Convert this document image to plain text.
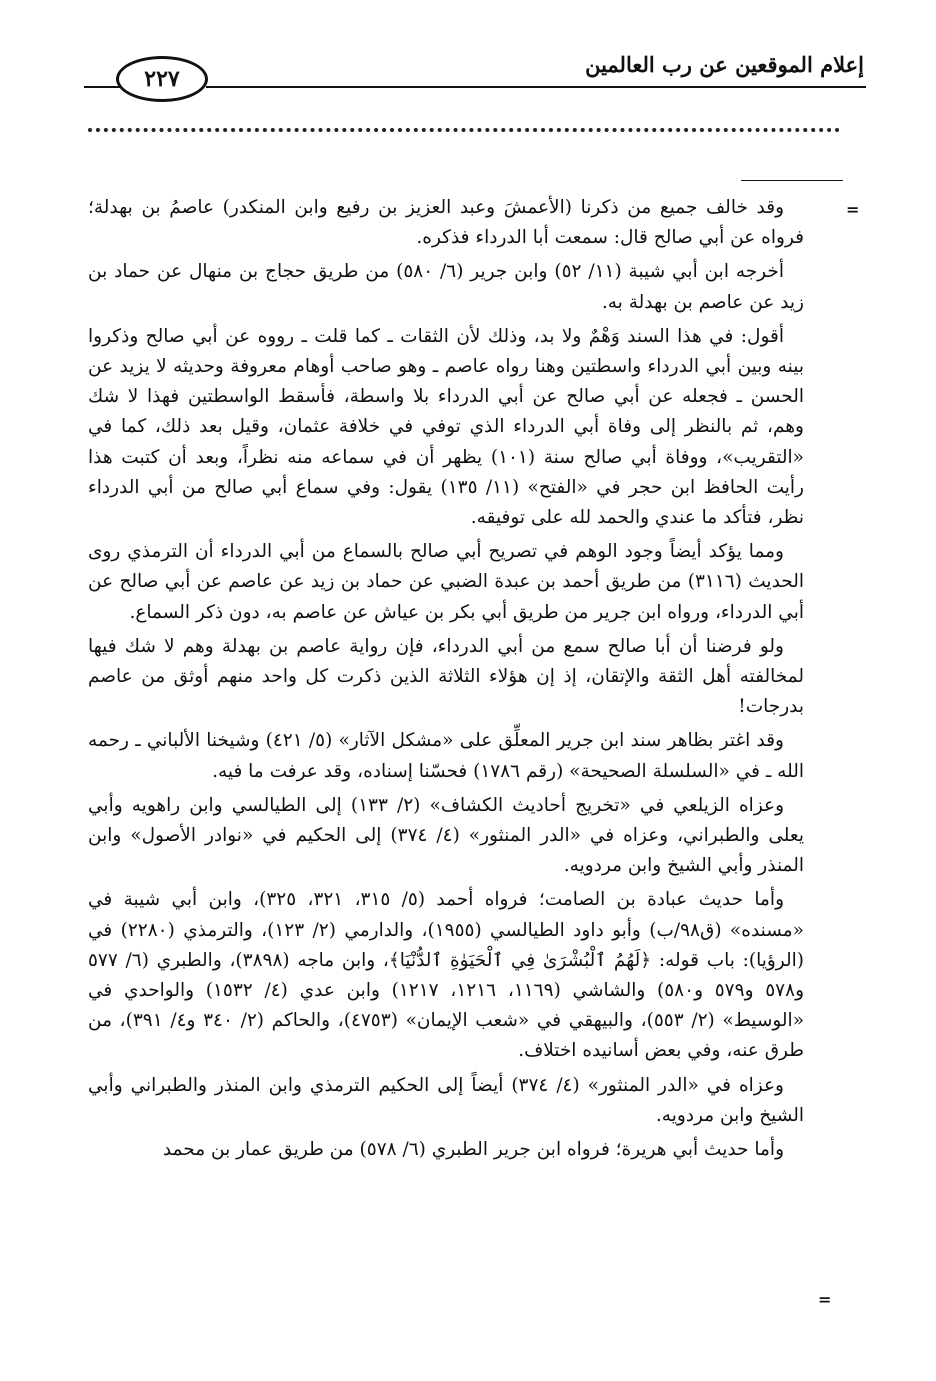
إعلام الموقعين عن رب العالمين
٢٢٧
=
=

وقد خالف جميع من ذكرنا (الأعمشَ وعبد العزيز بن رفيع وابن المنكدر) عاصمُ بن بهدلة؛ فرواه عن أبي صالح قال: سمعت أبا الدرداء فذكره.

أخرجه ابن أبي شيبة (١١/ ٥٢) وابن جرير (٦/ ٥٨٠) من طريق حجاج بن منهال عن حماد بن زيد عن عاصم بن بهدلة به.

أقول: في هذا السند وَهْمٌ ولا بد، وذلك لأن الثقات ـ كما قلت ـ رووه عن أبي صالح وذكروا بينه وبين أبي الدرداء واسطتين وهنا رواه عاصم ـ وهو صاحب أوهام معروفة وحديثه لا يزيد عن الحسن ـ فجعله عن أبي صالح عن أبي الدرداء بلا واسطة، فأسقط الواسطتين فهذا لا شك وهم، ثم بالنظر إلى وفاة أبي الدرداء الذي توفي في خلافة عثمان، وقيل بعد ذلك، كما في «التقريب»، ووفاة أبي صالح سنة (١٠١) يظهر أن في سماعه منه نظراً، وبعد أن كتبت هذا رأيت الحافظ ابن حجر في «الفتح» (١١/ ١٣٥) يقول: وفي سماع أبي صالح من أبي الدرداء نظر، فتأكد ما عندي والحمد لله على توفيقه.

ومما يؤكد أيضاً وجود الوهم في تصريح أبي صالح بالسماع من أبي الدرداء أن الترمذي روى الحديث (٣١١٦) من طريق أحمد بن عبدة الضبي عن حماد بن زيد عن عاصم عن أبي صالح عن أبي الدرداء، ورواه ابن جرير من طريق أبي بكر بن عياش عن عاصم به، دون ذكر السماع.

ولو فرضنا أن أبا صالح سمع من أبي الدرداء، فإن رواية عاصم بن بهدلة وهم لا شك فيها لمخالفته أهل الثقة والإتقان، إذ إن هؤلاء الثلاثة الذين ذكرت كل واحد منهم أوثق من عاصم بدرجات!

وقد اغتر بظاهر سند ابن جرير المعلِّق على «مشكل الآثار» (٥/ ٤٢١) وشيخنا الألباني ـ رحمه الله ـ في «السلسلة الصحيحة» (رقم ١٧٨٦) فحسّنا إسناده، وقد عرفت ما فيه.

وعزاه الزيلعي في «تخريج أحاديث الكشاف» (٢/ ١٣٣) إلى الطيالسي وابن راهويه وأبي يعلى والطبراني، وعزاه في «الدر المنثور» (٤/ ٣٧٤) إلى الحكيم في «نوادر الأصول» وابن المنذر وأبي الشيخ وابن مردويه.

وأما حديث عبادة بن الصامت؛ فرواه أحمد (٥/ ٣١٥، ٣٢١، ٣٢٥)، وابن أبي شيبة في «مسنده» (ق٩٨/ب) وأبو داود الطيالسي (١٩٥٥)، والدارمي (٢/ ١٢٣)، والترمذي (٢٢٨٠) في (الرؤيا): باب قوله: ﴿لَهُمُ ٱلْبُشْرَىٰ فِي ٱلْحَيَوٰةِ ٱلدُّنْيَا﴾، وابن ماجه (٣٨٩٨)، والطبري (٦/ ٥٧٧ و٥٧٨ و٥٧٩ و٥٨٠) والشاشي (١١٦٩، ١٢١٦، ١٢١٧) وابن عدي (٤/ ١٥٣٢) والواحدي في «الوسيط» (٢/ ٥٥٣)، والبيهقي في «شعب الإيمان» (٤٧٥٣)، والحاكم (٢/ ٣٤٠ و٤/ ٣٩١)، من طرق عنه، وفي بعض أسانيده اختلاف.

وعزاه في «الدر المنثور» (٤/ ٣٧٤) أيضاً إلى الحكيم الترمذي وابن المنذر والطبراني وأبي الشيخ وابن مردويه.

وأما حديث أبي هريرة؛ فرواه ابن جرير الطبري (٦/ ٥٧٨) من طريق عمار بن محمد
